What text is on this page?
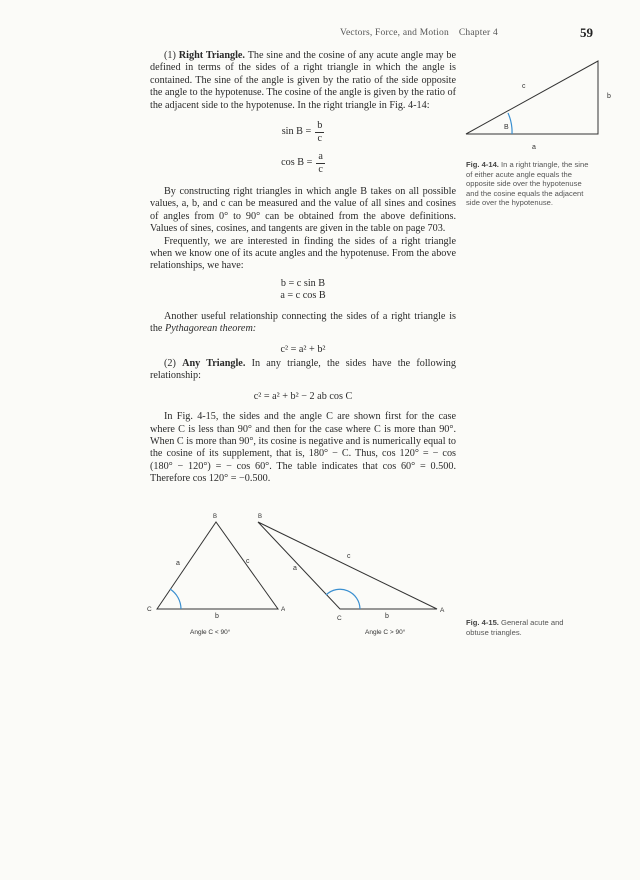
Vectors, Force, and Motion Chapter 4	59

(1) Right Triangle. The sine and the cosine of any acute angle may be defined in terms of the sides of a right triangle in which the angle is contained. The sine of the angle is given by the ratio of the side opposite the angle to the hypotenuse. The cosine of the angle is given by the ratio of the adjacent side to the hypotenuse. In the right triangle in Fig. 4-14:

$\sin B = \frac{b}{c}$
$\cos B = \frac{a}{c}$

By constructing right triangles in which angle B takes on all possible values, a, b, and c can be measured and the value of all sines and cosines of angles from 0° to 90° can be obtained from the above definitions. Values of sines, cosines, and tangents are given in the table on page 703.

Frequently, we are interested in finding the sides of a right triangle when we know one of its acute angles and the hypotenuse. From the above relationships, we have:

b = c sin B
a = c cos B

Another useful relationship connecting the sides of a right triangle is the Pythagorean theorem:

c² = a² + b²

(2) Any Triangle. In any triangle, the sides have the following relationship:

c² = a² + b² − 2 ab cos C

In Fig. 4-15, the sides and the angle C are shown first for the case where C is less than 90° and then for the case where C is more than 90°. When C is more than 90°, its cosine is negative and is numerically equal to the cosine of its supplement, that is, 180° − C. Thus, cos 120° = − cos (180° − 120°) = − cos 60°. The table indicates that cos 60° = 0.500. Therefore cos 120° = −0.500.

B
c
b
a
Fig. 4-14. In a right triangle, the sine of either acute angle equals the opposite side over the hypotenuse and the cosine equals the adjacent side over the hypotenuse.
B
C	A
a	c
b
Angle C < 90°
B
C
A
a
c
b
Angle C > 90°
Fig. 4-15. General acute and obtuse triangles.
